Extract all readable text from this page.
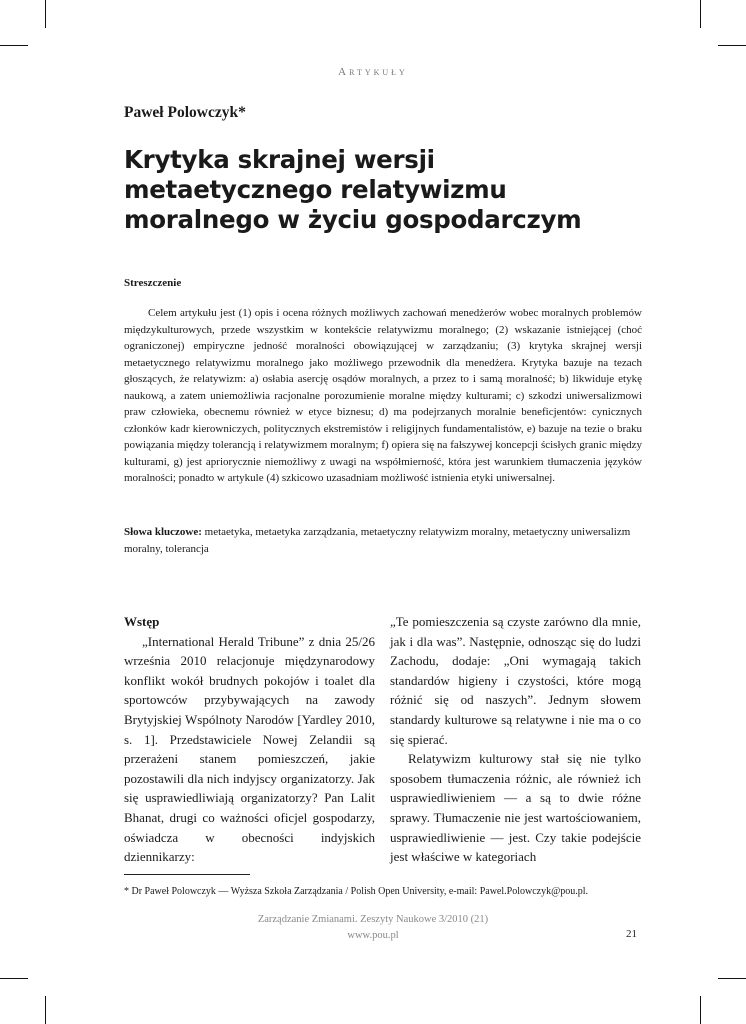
Artykuły
Paweł Polowczyk*
Krytyka skrajnej wersji metaetycznego relatywizmu moralnego w życiu gospodarczym
Streszczenie

Celem artykułu jest (1) opis i ocena różnych możliwych zachowań menedżerów wobec moralnych problemów międzykulturowych, przede wszystkim w kontekście relatywizmu moralnego; (2) wskazanie istniejącej (choć ograniczonej) empiryczne jedność moralności obowiązującej w zarządzaniu; (3) krytyka skrajnej wersji metaetycznego relatywizmu moralnego jako możliwego przewodnik dla menedżera. Krytyka bazuje na tezach głoszących, że relatywizm: a) osłabia asercję osądów moralnych, a przez to i samą moralność; b) likwiduje etykę naukową, a zatem uniemożliwia racjonalne porozumienie moralne między kulturami; c) szkodzi uniwersalizmowi praw człowieka, obecnemu również w etyce biznesu; d) ma podejrzanych moralnie beneficjentów: cynicznych członków kadr kierowniczych, politycznych ekstremistów i religijnych fundamentalistów, e) bazuje na tezie o braku powiązania między tolerancją i relatywizmem moralnym; f) opiera się na fałszywej koncepcji ścisłych granic między kulturami, g) jest apriorycznie niemożliwy z uwagi na współmierność, która jest warunkiem tłumaczenia języków moralności; ponadto w artykule (4) szkicowo uzasadniam możliwość istnienia etyki uniwersalnej.

Słowa kluczowe: metaetyka, metaetyka zarządzania, metaetyczny relatywizm moralny, metaetyczny uniwersalizm moralny, tolerancja

Wstęp

„International Herald Tribune” z dnia 25/26 września 2010 relacjonuje międzynarodowy konflikt wokół brudnych pokojów i toalet dla sportowców przybywających na zawody Brytyjskiej Wspólnoty Narodów [Yardley 2010, s. 1]. Przedstawiciele Nowej Zelandii są przerażeni stanem pomieszczeń, jakie pozostawili dla nich indyjscy organizatorzy. Jak się usprawiedliwiają organizatorzy? Pan Lalit Bhanat, drugi co ważności oficjel gospodarzy, oświadcza w obecności indyjskich dziennikarzy:

„Te pomieszczenia są czyste zarówno dla mnie, jak i dla was”. Następnie, odnosząc się do ludzi Zachodu, dodaje: „Oni wymagają takich standardów higieny i czystości, które mogą różnić się od naszych”. Jednym słowem standardy kulturowe są relatywne i nie ma o co się spierać.

Relatywizm kulturowy stał się nie tylko sposobem tłumaczenia różnic, ale również ich usprawiedliwieniem — a są to dwie różne sprawy. Tłumaczenie nie jest wartościowaniem, usprawiedliwienie — jest. Czy takie podejście jest właściwe w kategoriach

* Dr Paweł Polowczyk — Wyższa Szkoła Zarządzania / Polish Open University, e-mail: Pawel.Polowczyk@pou.pl.
Zarządzanie Zmianami. Zeszyty Naukowe 3/2010 (21)
www.pou.pl	21
